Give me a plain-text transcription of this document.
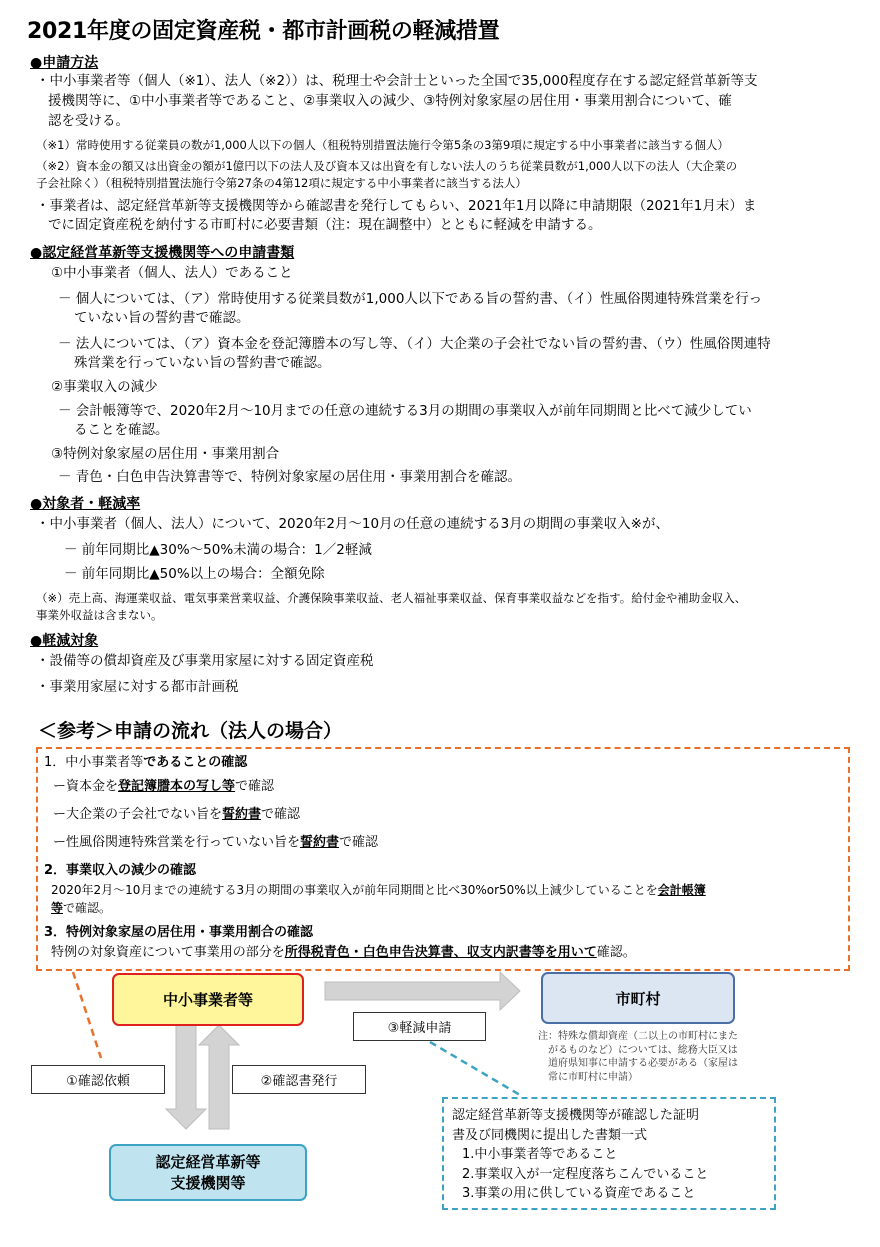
2021年度の固定資産税・都市計画税の軽減措置
●申請方法
・中小事業者等（個人（※1）、法人（※2））は、税理士や会計士といった全国で35,000程度存在する認定経営革新等支
援機関等に、①中小事業者等であること、②事業収入の減少、③特例対象家屋の居住用・事業用割合について、確
認を受ける。
（※1）常時使用する従業員の数が1,000人以下の個人（租税特別措置法施行令第5条の3第9項に規定する中小事業者に該当する個人）
（※2）資本金の額又は出資金の額が1億円以下の法人及び資本又は出資を有しない法人のうち従業員数が1,000人以下の法人（大企業の
子会社除く）（租税特別措置法施行令第27条の4第12項に規定する中小事業者に該当する法人）
・事業者は、認定経営革新等支援機関等から確認書を発行してもらい、2021年1月以降に申請期限（2021年1月末）ま
でに固定資産税を納付する市町村に必要書類（注：現在調整中）とともに軽減を申請する。
●認定経営革新等支援機関等への申請書類
①中小事業者（個人、法人）であること
－ 個人については、（ア）常時使用する従業員数が1,000人以下である旨の誓約書、（イ）性風俗関連特殊営業を行っ
ていない旨の誓約書で確認。
－ 法人については、（ア）資本金を登記簿謄本の写し等、（イ）大企業の子会社でない旨の誓約書、（ウ）性風俗関連特
殊営業を行っていない旨の誓約書で確認。
②事業収入の減少
－ 会計帳簿等で、2020年2月～10月までの任意の連続する3月の期間の事業収入が前年同期間と比べて減少してい
ることを確認。
③特例対象家屋の居住用・事業用割合
－ 青色・白色申告決算書等で、特例対象家屋の居住用・事業用割合を確認。
●対象者・軽減率
・中小事業者（個人、法人）について、2020年2月～10月の任意の連続する3月の期間の事業収入※が、
－ 前年同期比▲30%～50%未満の場合：1／2軽減
－ 前年同期比▲50%以上の場合：全額免除
（※）売上高、海運業収益、電気事業営業収益、介護保険事業収益、老人福祉事業収益、保育事業収益などを指す。給付金や補助金収入、
事業外収益は含まない。
●軽減対象
・設備等の償却資産及び事業用家屋に対する固定資産税
・事業用家屋に対する都市計画税
＜参考＞申請の流れ（法人の場合）
1．中小事業者等であることの確認
ー資本金を登記簿謄本の写し等で確認
ー大企業の子会社でない旨を誓約書で確認
ー性風俗関連特殊営業を行っていない旨を誓約書で確認
2．事業収入の減少の確認
2020年2月～10月までの連続する3月の期間の事業収入が前年同期間と比べ30%or50%以上減少していることを会計帳簿
等で確認。
3．特例対象家屋の居住用・事業用割合の確認
特例の対象資産について事業用の部分を所得税青色・白色申告決算書、収支内訳書等を用いて確認。
中小事業者等	市町村
認定経営革新等
支援機関等
③軽減申請
①確認依頼	②確認書発行
注：特殊な償却資産（二以上の市町村にまた
がるものなど）については、総務大臣又は
道府県知事に申請する必要がある（家屋は
常に市町村に申請）
認定経営革新等支援機関等が確認した証明
書及び同機関に提出した書類一式
1.中小事業者等であること
2.事業収入が一定程度落ちこんでいること
3.事業の用に供している資産であること
